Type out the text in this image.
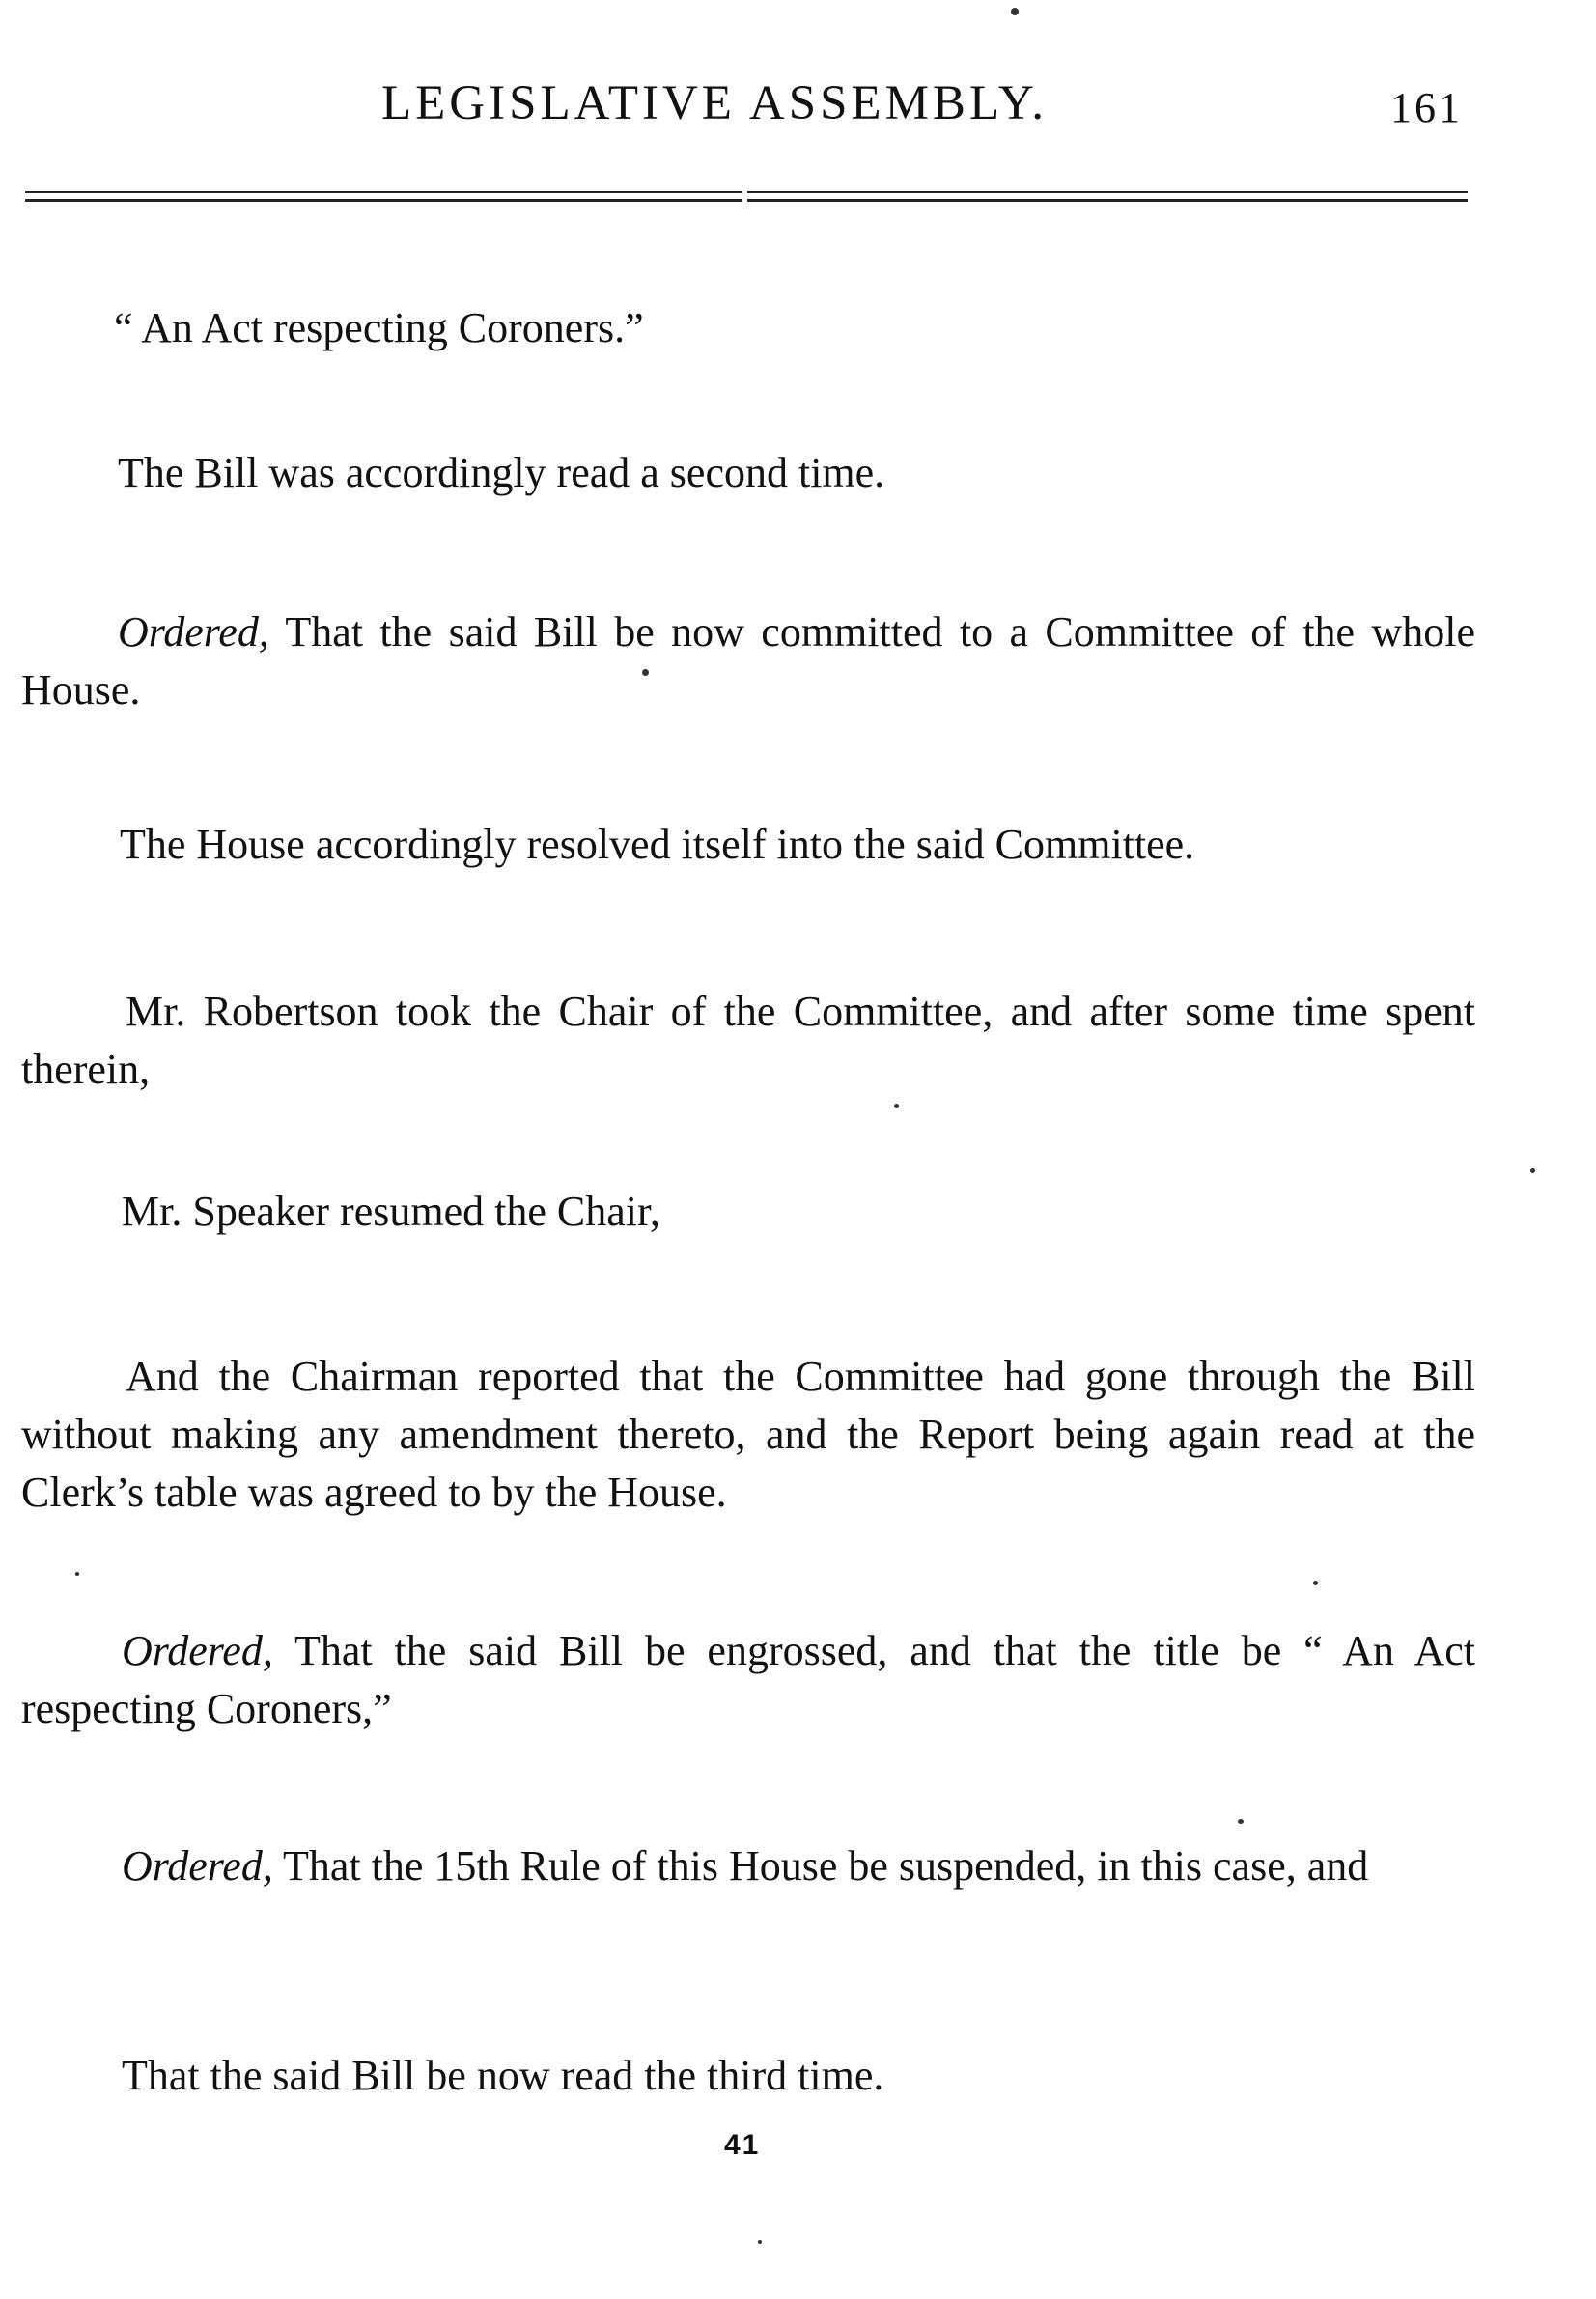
LEGISLATIVE ASSEMBLY.	161

“ An Act respecting Coroners.”

The Bill was accordingly read a second time.

Ordered, That the said Bill be now committed to a Committee of the whole House.

The House accordingly resolved itself into the said Committee.

Mr. Robertson took the Chair of the Committee, and after some time spent therein,

Mr. Speaker resumed the Chair,

And the Chairman reported that the Committee had gone through the Bill without making any amendment thereto, and the Report being again read at the Clerk’s table was agreed to by the House.

Ordered, That the said Bill be engrossed, and that the title be “ An Act respecting Coroners,”

Ordered, That the 15th Rule of this House be suspended, in this case, and

That the said Bill be now read the third time.

41
